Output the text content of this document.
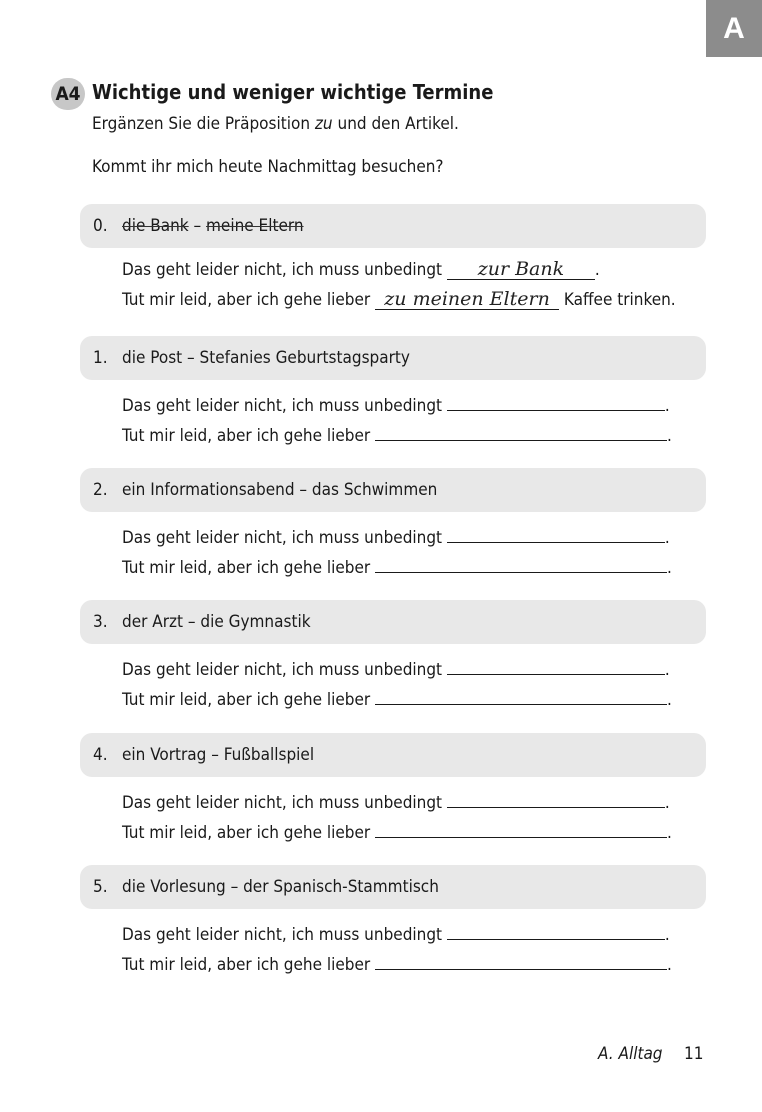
A
A4 Wichtige und weniger wichtige Termine
Ergänzen Sie die Präposition zu und den Artikel.
Kommt ihr mich heute Nachmittag besuchen?
0. die Bank
–
meine Eltern
Das geht leider nicht, ich muss unbedingt zur Bank .
Tut mir leid, aber ich gehe lieber zu meinen Eltern Kaffee trinken.
1. die Post – Stefanies Geburtstagsparty
Das geht leider nicht, ich muss unbedingt	.
Tut mir leid, aber ich gehe lieber	.
2. ein Informationsabend – das Schwimmen
Das geht leider nicht, ich muss unbedingt	.
Tut mir leid, aber ich gehe lieber	.
3. der Arzt – die Gymnastik
Das geht leider nicht, ich muss unbedingt	.
Tut mir leid, aber ich gehe lieber	.
4. ein Vortrag – Fußballspiel
Das geht leider nicht, ich muss unbedingt	.
Tut mir leid, aber ich gehe lieber	.
5. die Vorlesung – der Spanisch-Stammtisch
Das geht leider nicht, ich muss unbedingt	.
Tut mir leid, aber ich gehe lieber	.
A. Alltag 11
